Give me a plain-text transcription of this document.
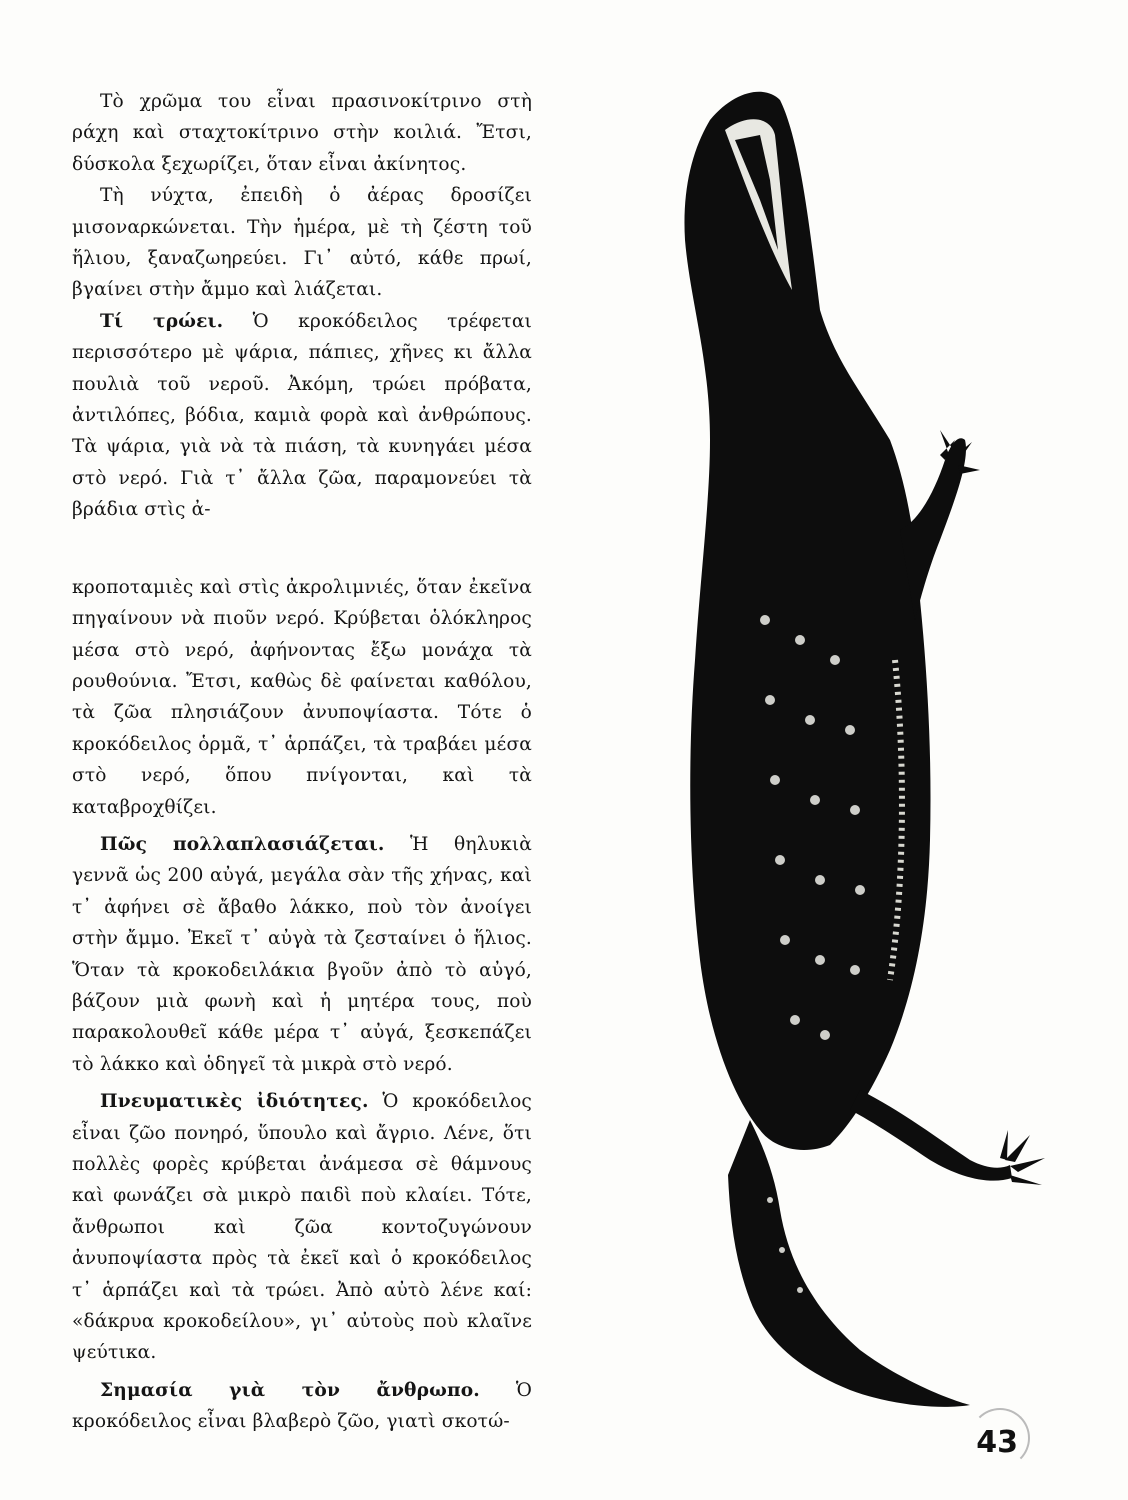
Τὸ χρῶμα του εἶναι πρασινοκίτρινο στὴ ράχη καὶ σταχτοκίτρινο στὴν κοιλιά. Ἔτσι, δύσκολα ξεχωρίζει, ὅταν εἶναι ἀκίνητος.

Τὴ νύχτα, ἐπειδὴ ὁ ἀέρας δροσίζει μισοναρκώνεται. Τὴν ἡμέρα, μὲ τὴ ζέστη τοῦ ἥλιου, ξαναζωηρεύει. Γι᾽ αὐτό, κάθε πρωί, βγαίνει στὴν ἄμμο καὶ λιάζεται.

Τί τρώει. Ὁ κροκόδειλος τρέφεται περισσότερο μὲ ψάρια, πάπιες, χῆνες κι ἄλλα πουλιὰ τοῦ νεροῦ. Ἀκόμη, τρώει πρόβατα, ἀντιλόπες, βόδια, καμιὰ φορὰ καὶ ἀνθρώπους. Τὰ ψάρια, γιὰ νὰ τὰ πιάση, τὰ κυνηγάει μέσα στὸ νερό. Γιὰ τ᾽ ἄλλα ζῶα, παραμονεύει τὰ βράδια στὶς ἀ-

κροποταμιὲς καὶ στὶς ἀκρολιμνιές, ὅταν ἐκεῖνα πηγαίνουν νὰ πιοῦν νερό. Κρύβεται ὁλόκληρος μέσα στὸ νερό, ἀφήνοντας ἔξω μονάχα τὰ ρουθούνια. Ἔτσι, καθὼς δὲ φαίνεται καθόλου, τὰ ζῶα πλησιάζουν ἀνυποψίαστα. Τότε ὁ κροκόδειλος ὁρμᾶ, τ᾽ ἁρπάζει, τὰ τραβάει μέσα στὸ νερό, ὅπου πνίγονται, καὶ τὰ καταβροχθίζει.

Πῶς πολλαπλασιάζεται. Ἡ θηλυκιὰ γεννᾶ ὡς 200 αὐγά, μεγάλα σὰν τῆς χήνας, καὶ τ᾽ ἀφήνει σὲ ἄβαθο λάκκο, ποὺ τὸν ἀνοίγει στὴν ἄμμο. Ἐκεῖ τ᾽ αὐγὰ τὰ ζεσταίνει ὁ ἥλιος. Ὅταν τὰ κροκοδειλάκια βγοῦν ἀπὸ τὸ αὐγό, βάζουν μιὰ φωνὴ καὶ ἡ μητέρα τους, ποὺ παρακολουθεῖ κάθε μέρα τ᾽ αὐγά, ξεσκεπάζει τὸ λάκκο καὶ ὁδηγεῖ τὰ μικρὰ στὸ νερό.

Πνευματικὲς ἰδιότητες. Ὁ κροκόδειλος εἶναι ζῶο πονηρό, ὕπουλο καὶ ἄγριο. Λένε, ὅτι πολλὲς φορὲς κρύβεται ἀνάμεσα σὲ θάμνους καὶ φωνάζει σὰ μικρὸ παιδὶ ποὺ κλαίει. Τότε, ἄνθρωποι καὶ ζῶα κοντοζυγώνουν ἀνυποψίαστα πρὸς τὰ ἐκεῖ καὶ ὁ κροκόδειλος τ᾽ ἁρπάζει καὶ τὰ τρώει. Ἀπὸ αὐτὸ λένε καί: «δάκρυα κροκοδείλου», γι᾽ αὐτοὺς ποὺ κλαῖνε ψεύτικα.

Σημασία γιὰ τὸν ἄνθρωπο. Ὁ κροκόδειλος εἶναι βλαβερὸ ζῶο, γιατὶ σκοτώ-

43
